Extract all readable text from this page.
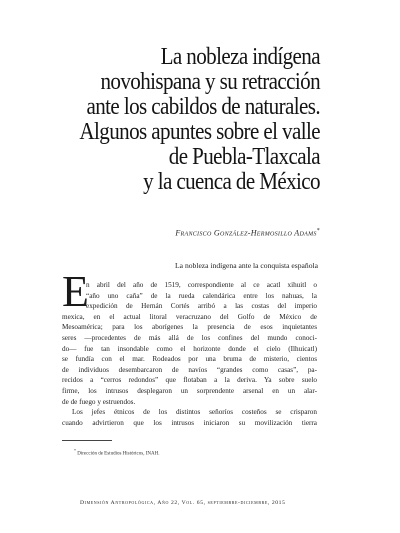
La nobleza indígena
novohispana y su retracción
ante los cabildos de naturales.
Algunos apuntes sobre el valle
de Puebla-Tlaxcala
y la cuenca de México
Francisco González-Hermosillo Adams*
La nobleza indígena ante la conquista española
E
n abril del año de 1519, correspondiente al ce acatl xihuitl o
“año uno caña” de la rueda calendárica entre los nahuas, la
expedición de Hernán Cortés arribó a las costas del imperio
mexica, en el actual litoral veracruzano del Golfo de México de
Mesoamérica; para los aborígenes la presencia de esos inquietantes
seres —procedentes de más allá de los confines del mundo conoci-
do— fue tan insondable como el horizonte donde el cielo (Ilhuicatl)
se fundía con el mar. Rodeados por una bruma de misterio, cientos
de individuos desembarcaron de navíos “grandes como casas”, pa-
recidos a “cerros redondos” que flotaban a la deriva. Ya sobre suelo
firme, los intrusos desplegaron un sorprendente arsenal en un alar-
de de fuego y estruendos.
Los jefes étnicos de los distintos señoríos costeños se crisparon
cuando advirtieron que los intrusos iniciaron su movilización tierra
* Dirección de Estudios Históricos, INAH.
Dimensión Antropológica, Año 22, Vol. 65, septiembre-diciembre, 2015
